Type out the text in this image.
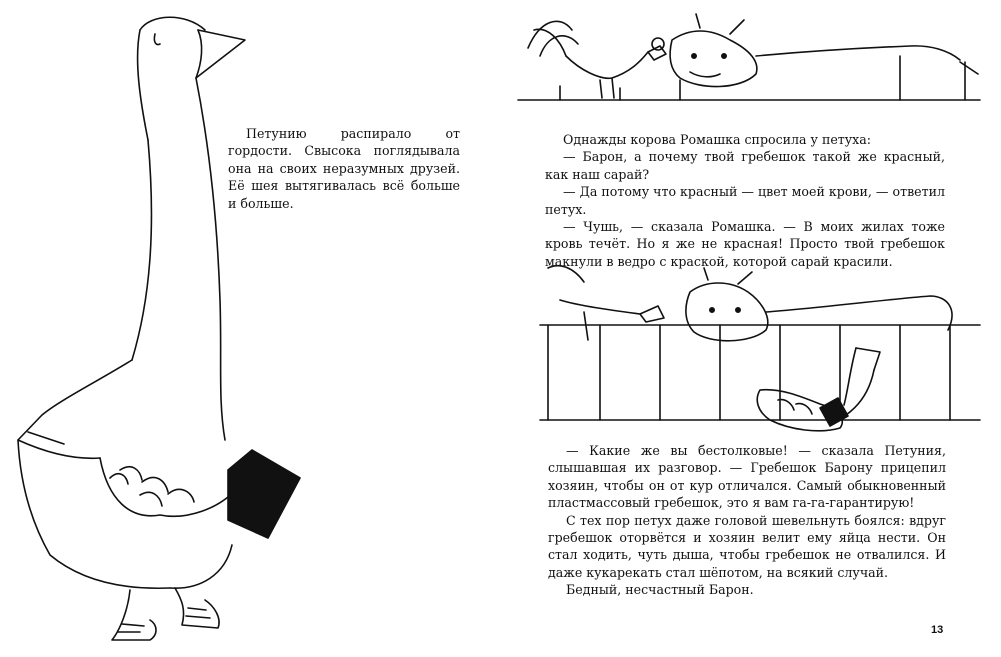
Петунию распирало от гордости. Свысока поглядывала она на своих неразумных друзей. Её шея вытягивалась всё больше и больше.

Однажды корова Ромашка спросила у петуха:

— Барон, а почему твой гребешок такой же красный, как наш сарай?

— Да потому что красный — цвет моей крови, — ответил петух.

— Чушь, — сказала Ромашка. — В моих жилах тоже кровь течёт. Но я же не красная! Просто твой гребешок макнули в ведро с краской, которой сарай красили.

— Какие же вы бестолковые! — сказала Петуния, слышавшая их разговор. — Гребешок Барону прицепил хозяин, чтобы он от кур отличался. Самый обыкновенный пластмассовый гребешок, это я вам га-га-гарантирую!

С тех пор петух даже головой шевельнуть боялся: вдруг гребешок оторвётся и хозяин велит ему яйца нести. Он стал ходить, чуть дыша, чтобы гребешок не отвалился. И даже кукарекать стал шёпотом, на всякий случай.

Бедный, несчастный Барон.

13
